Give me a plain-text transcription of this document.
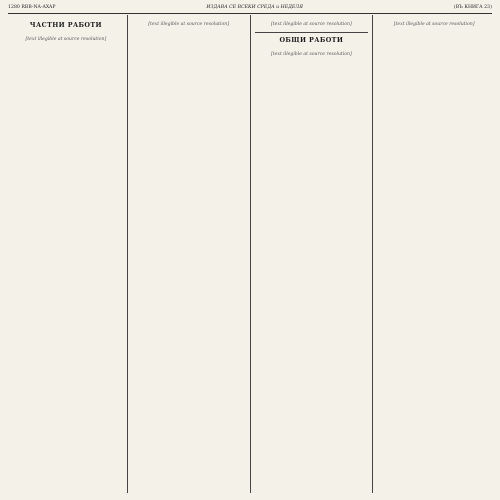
1280 RBB-NA-AXAP	ИЗДАВА СЕ ВСЕКИ СРЕДА и НЕДЕЛЯ	(ВЪ КНИГА 23)
ЧАСТНИ РАБОТИ
[text illegible at source resolution]
[text illegible at source resolution]	[text illegible at source resolution]
ОБЩИ РАБОТИ
[text illegible at source resolution]
[text illegible at source resolution]
